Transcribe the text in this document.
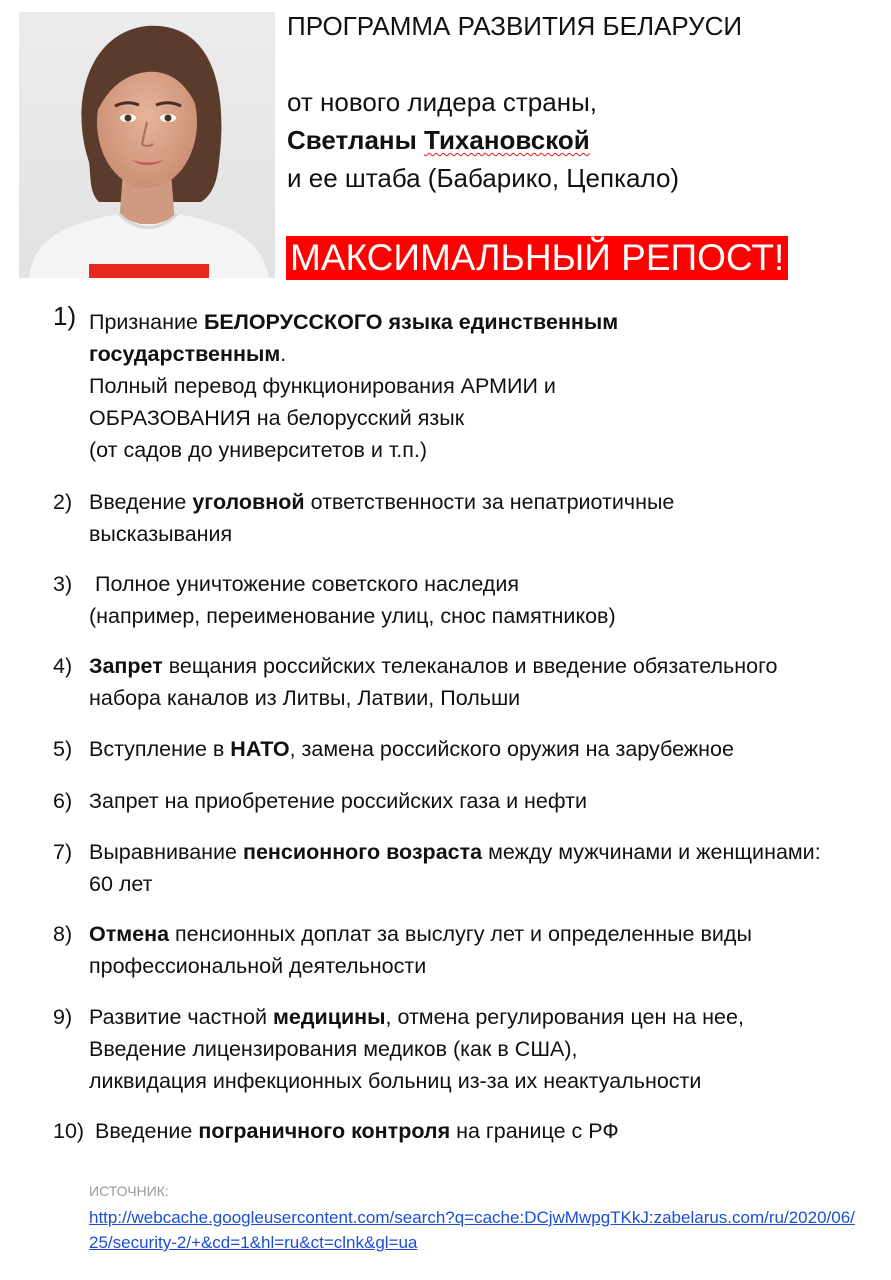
ПРОГРАММА РАЗВИТИЯ БЕЛАРУСИ
от нового лидера страны,
Светланы Тихановской
и ее штаба (Бабарико, Цепкало)
МАКСИМАЛЬНЫЙ РЕПОСТ!
1) Признание БЕЛОРУССКОГО языка единственным
государственным.
Полный перевод функционирования АРМИИ и
ОБРАЗОВАНИЯ на белорусский язык
(от садов до университетов и т.п.)
2) Введение уголовной ответственности за непатриотичные
высказывания
3) Полное уничтожение советского наследия
(например, переименование улиц, снос памятников)
4) Запрет вещания российских телеканалов и введение обязательного
набора каналов из Литвы, Латвии, Польши
5) Вступление в НАТО, замена российского оружия на зарубежное
6) Запрет на приобретение российских газа и нефти
7) Выравнивание пенсионного возраста между мужчинами и женщинами:
60 лет
8) Отмена пенсионных доплат за выслугу лет и определенные виды
профессиональной деятельности
9) Развитие частной медицины, отмена регулирования цен на нее,
Введение лицензирования медиков (как в США),
ликвидация инфекционных больниц из-за их неактуальности
10) Введение пограничного контроля на границе с РФ
ИСТОЧНИК:
http://webcache.googleusercontent.com/search?q=cache:DCjwMwpgTKkJ:zabelarus.com/ru/2020/06/
25/security-2/+&cd=1&hl=ru&ct=clnk&gl=ua
